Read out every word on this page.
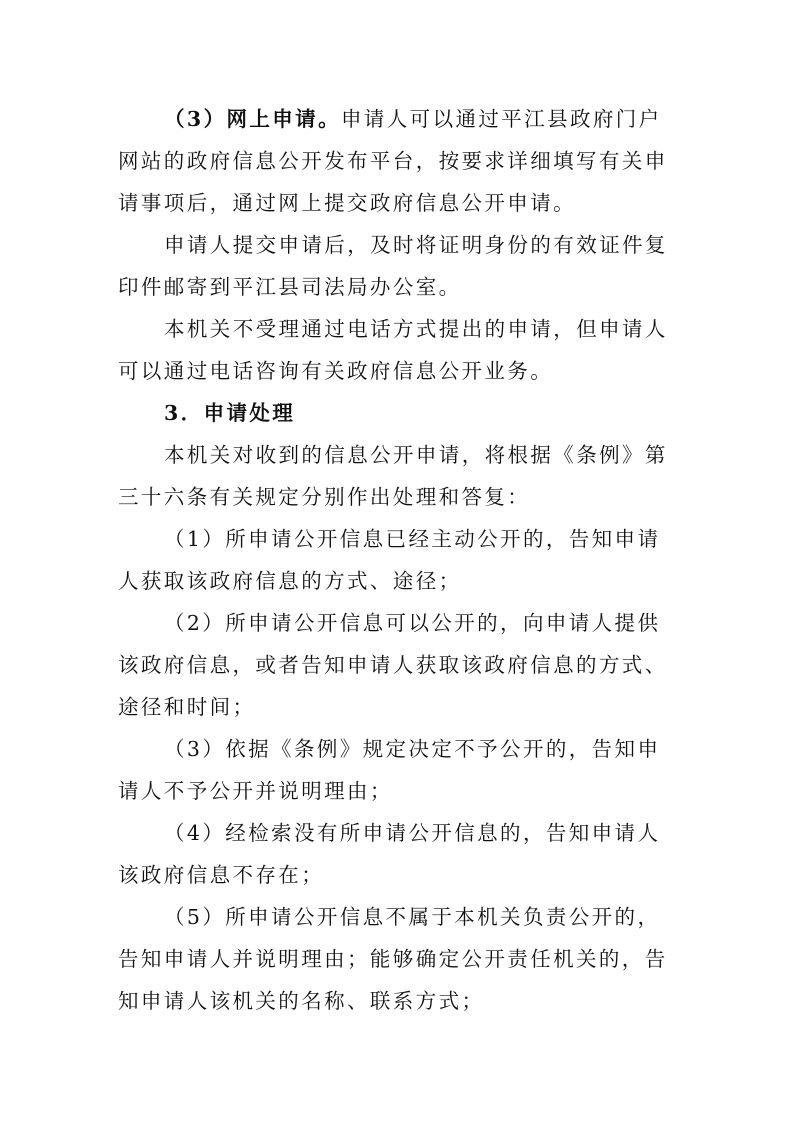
（3）网上申请。申请人可以通过平江县政府门户网站的政府信息公开发布平台，按要求详细填写有关申请事项后，通过网上提交政府信息公开申请。

申请人提交申请后，及时将证明身份的有效证件复印件邮寄到平江县司法局办公室。

本机关不受理通过电话方式提出的申请，但申请人可以通过电话咨询有关政府信息公开业务。

3．申请处理

本机关对收到的信息公开申请，将根据《条例》第三十六条有关规定分别作出处理和答复：

（1）所申请公开信息已经主动公开的，告知申请人获取该政府信息的方式、途径；

（2）所申请公开信息可以公开的，向申请人提供该政府信息，或者告知申请人获取该政府信息的方式、途径和时间；

（3）依据《条例》规定决定不予公开的，告知申请人不予公开并说明理由；

（4）经检索没有所申请公开信息的，告知申请人该政府信息不存在；

（5）所申请公开信息不属于本机关负责公开的，告知申请人并说明理由；能够确定公开责任机关的，告知申请人该机关的名称、联系方式；
